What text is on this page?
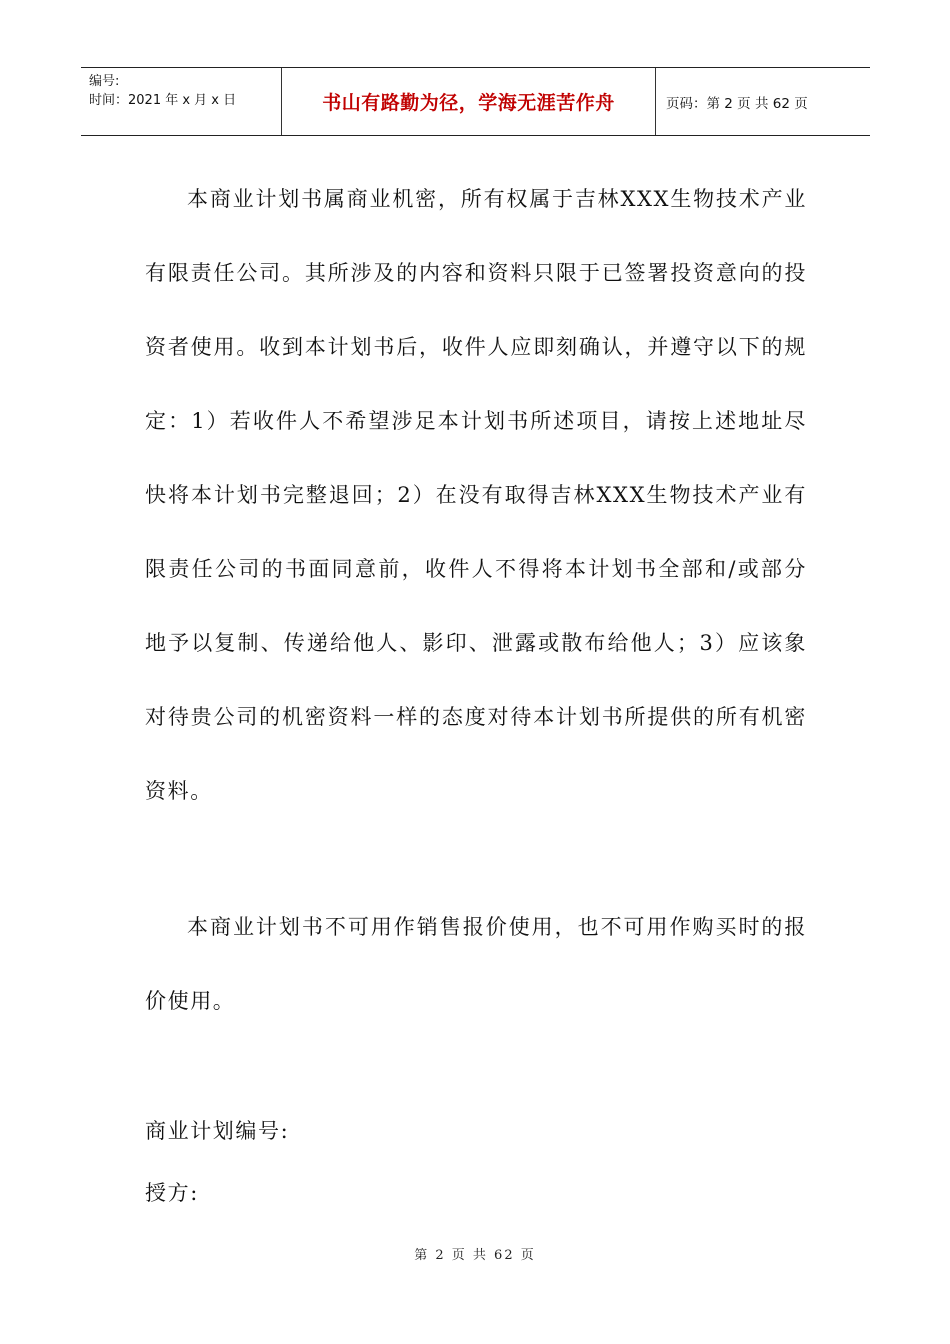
编号:
时间：2021 年 x 月 x 日	书山有路勤为径，学海无涯苦作舟	页码：第 2 页 共 62 页

本商业计划书属商业机密，所有权属于吉林XXX生物技术产业有限责任公司。其所涉及的内容和资料只限于已签署投资意向的投资者使用。收到本计划书后，收件人应即刻确认，并遵守以下的规定：1）若收件人不希望涉足本计划书所述项目，请按上述地址尽快将本计划书完整退回；2）在没有取得吉林XXX生物技术产业有限责任公司的书面同意前，收件人不得将本计划书全部和/或部分地予以复制、传递给他人、影印、泄露或散布给他人；3）应该象对待贵公司的机密资料一样的态度对待本计划书所提供的所有机密资料。

本商业计划书不可用作销售报价使用，也不可用作购买时的报价使用。

商业计划编号:

授方:

第 2 页 共 62 页
